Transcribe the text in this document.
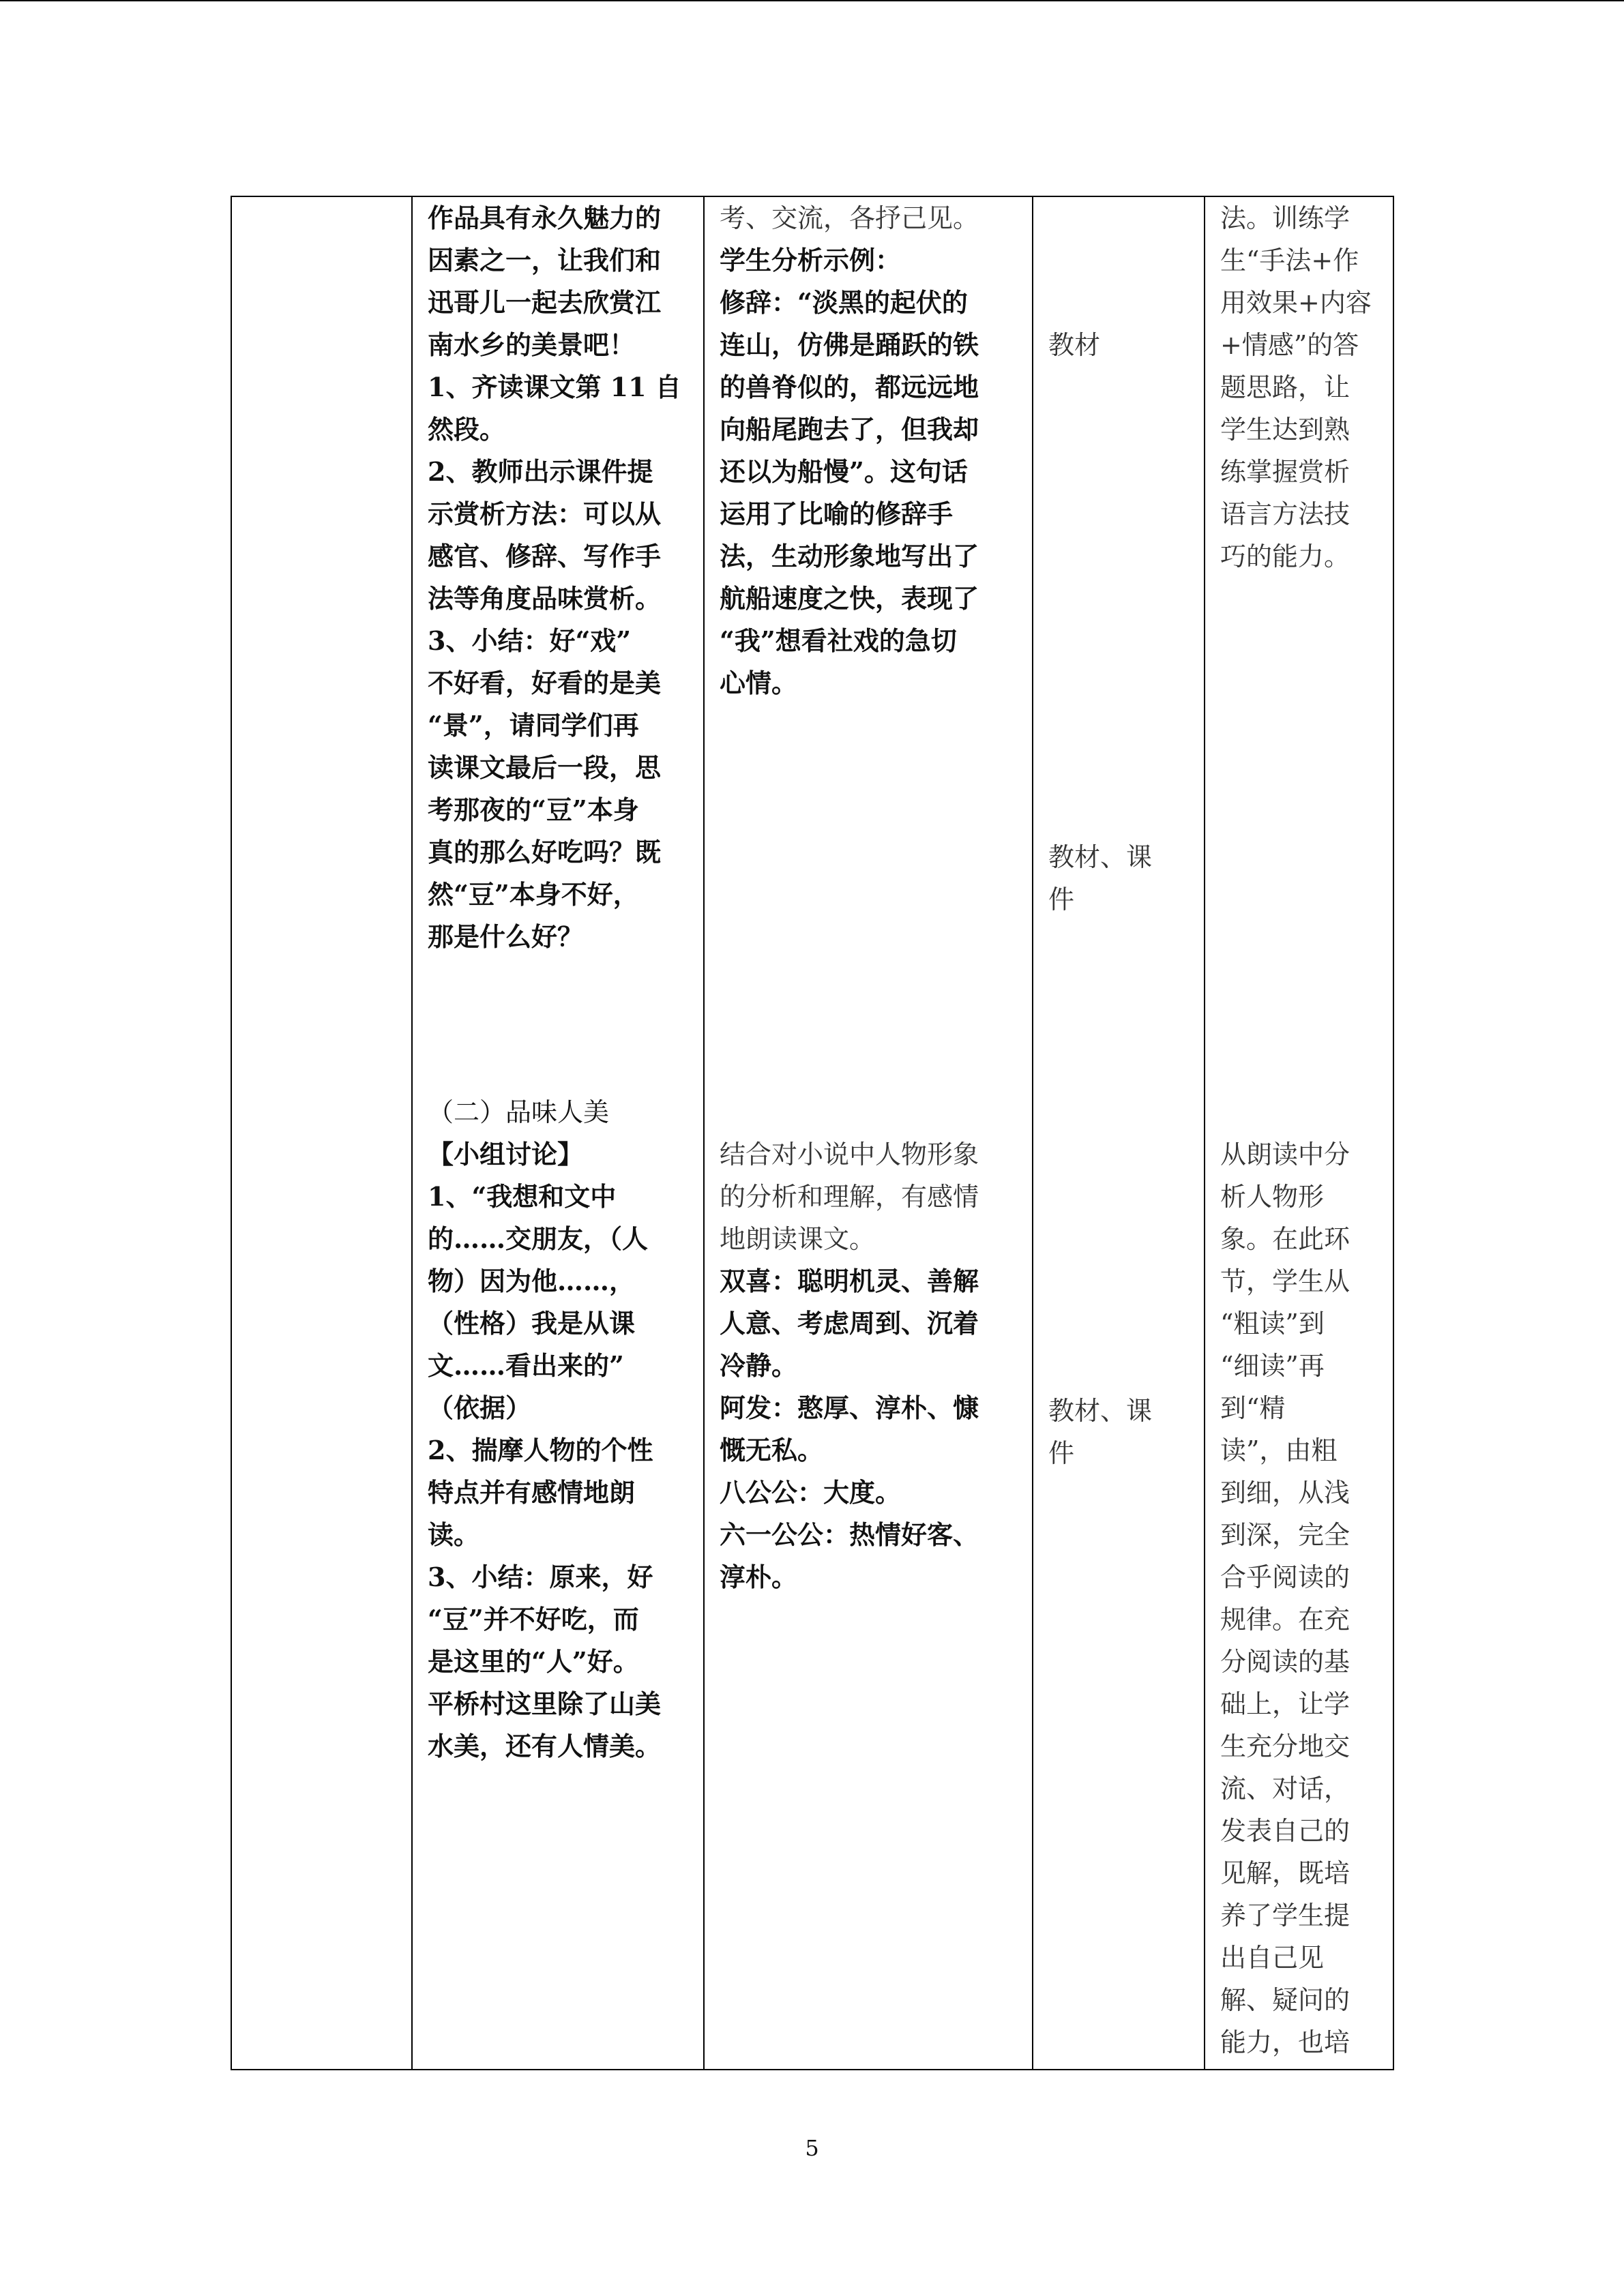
作品具有永久魅力的
因素之一，让我们和
迅哥儿一起去欣赏江
南水乡的美景吧！
1、齐读课文第 11 自
然段。
2、教师出示课件提
示赏析方法：可以从
感官、修辞、写作手
法等角度品味赏析。
3、小结：好“戏”
不好看，好看的是美
“景”，请同学们再
读课文最后一段，思
考那夜的“豆”本身
真的那么好吃吗？既
然“豆”本身不好，
那是什么好？
（二）品味人美
【小组讨论】
1、“我想和文中
的……交朋友，（人
物）因为他……，
（性格）我是从课
文……看出来的”
（依据）
2、揣摩人物的个性
特点并有感情地朗
读。
3、小结：原来，好
“豆”并不好吃，而
是这里的“人”好。
平桥村这里除了山美
水美，还有人情美。
考、交流，各抒己见。
学生分析示例：
修辞：“淡黑的起伏的
连山，仿佛是踊跃的铁
的兽脊似的，都远远地
向船尾跑去了，但我却
还以为船慢”。这句话
运用了比喻的修辞手
法，生动形象地写出了
航船速度之快，表现了
“我”想看社戏的急切
心情。
结合对小说中人物形象
的分析和理解，有感情
地朗读课文。
双喜：聪明机灵、善解
人意、考虑周到、沉着
冷静。
阿发：憨厚、淳朴、慷
慨无私。
八公公：大度。
六一公公：热情好客、
淳朴。
教材
教材、课
件
教材、课
件
法。训练学
生“手法+作
用效果+内容
+情感”的答
题思路，让
学生达到熟
练掌握赏析
语言方法技
巧的能力。
从朗读中分
析人物形
象。在此环
节，学生从
“粗读”到
“细读”再
到“精
读”，由粗
到细，从浅
到深，完全
合乎阅读的
规律。在充
分阅读的基
础上，让学
生充分地交
流、对话，
发表自己的
见解，既培
养了学生提
出自己见
解、疑问的
能力，也培
5
